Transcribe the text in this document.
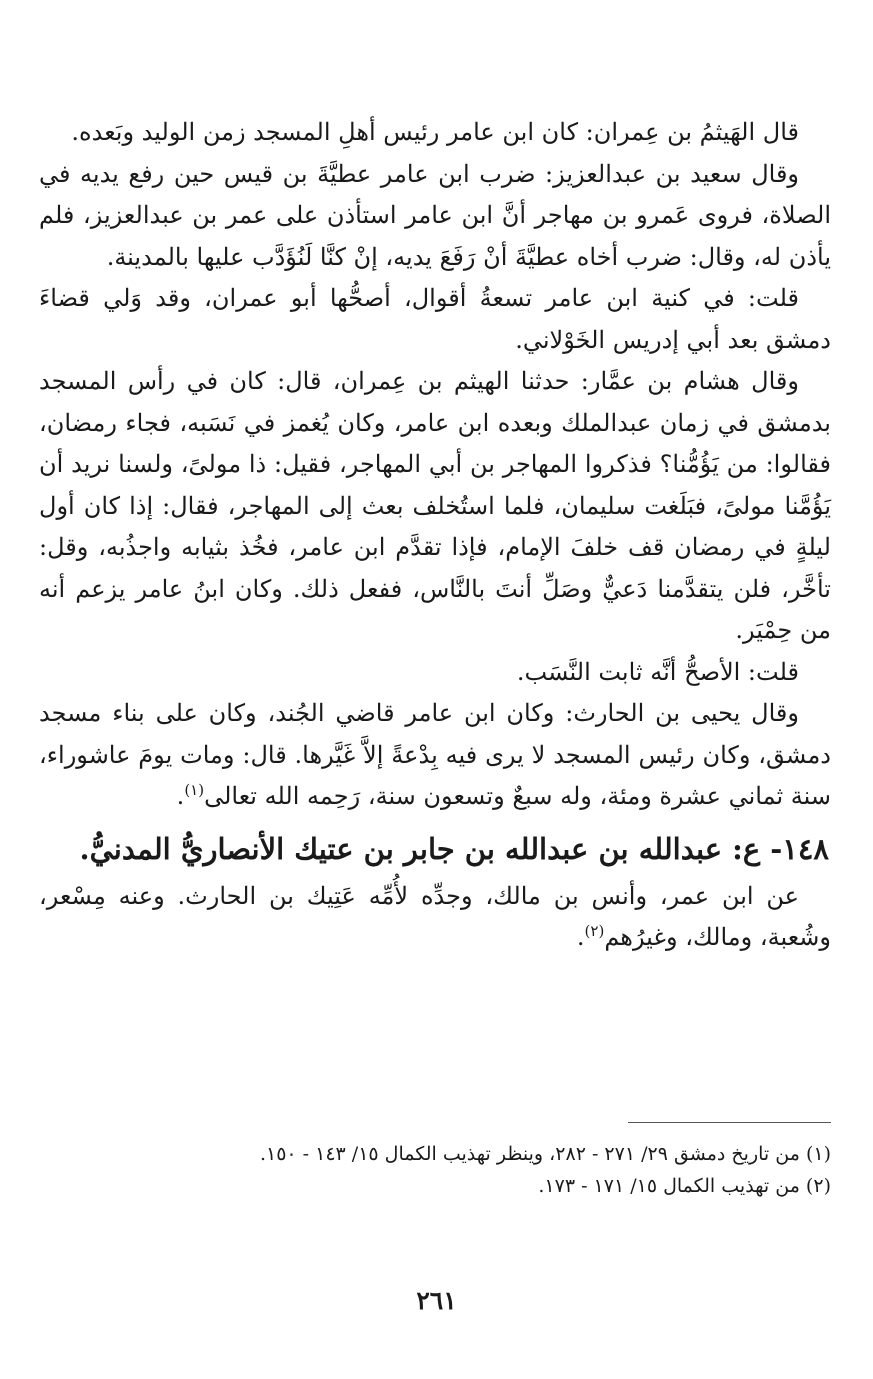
قال الهَيثمُ بن عِمران: كان ابن عامر رئيس أهلِ المسجد زمن الوليد وبَعده.

وقال سعيد بن عبدالعزيز: ضرب ابن عامر عطيَّةَ بن قيس حين رفع يديه في الصلاة، فروى عَمرو بن مهاجر أنَّ ابن عامر استأذن على عمر بن عبدالعزيز، فلم يأذن له، وقال: ضرب أخاه عطيَّةَ أنْ رَفَعَ يديه، إنْ كنَّا لَنُؤَدَّب عليها بالمدينة.

قلت: في كنية ابن عامر تسعةُ أقوال، أصحُّها أبو عمران، وقد وَلي قضاءَ دمشق بعد أبي إدريس الخَوْلاني.

وقال هشام بن عمَّار: حدثنا الهيثم بن عِمران، قال: كان في رأس المسجد بدمشق في زمان عبدالملك وبعده ابن عامر، وكان يُغمز في نَسَبه، فجاء رمضان، فقالوا: من يَؤُمُّنا؟ فذكروا المهاجر بن أبي المهاجر، فقيل: ذا مولىً، ولسنا نريد أن يَؤُمَّنا مولىً، فبَلَغت سليمان، فلما استُخلف بعث إلى المهاجر، فقال: إذا كان أول ليلةٍ في رمضان قف خلفَ الإمام، فإذا تقدَّم ابن عامر، فخُذ بثيابه واجذُبه، وقل: تأخَّر، فلن يتقدَّمنا دَعيٌّ وصَلِّ أنتَ بالنَّاس، ففعل ذلك. وكان ابنُ عامر يزعم أنه من حِمْيَر.

قلت: الأصحُّ أنَّه ثابت النَّسَب.

وقال يحيى بن الحارث: وكان ابن عامر قاضي الجُند، وكان على بناء مسجد دمشق، وكان رئيس المسجد لا يرى فيه بِدْعةً إلاَّ غَيَّرها. قال: ومات يومَ عاشوراء، سنة ثماني عشرة ومئة، وله سبعٌ وتسعون سنة، رَحِمه الله تعالى$^{(١)}$.

١٤٨- ع: عبدالله بن عبدالله بن جابر بن عتيك الأنصاريُّ المدنيُّ.

عن ابن عمر، وأنس بن مالك، وجدِّه لأُمِّه عَتِيك بن الحارث. وعنه مِسْعر، وشُعبة، ومالك، وغيرُهم$^{(٢)}$.

(١) من تاريخ دمشق ٢٩/ ٢٧١ - ٢٨٢، وينظر تهذيب الكمال ١٥/ ١٤٣ - ١٥٠.

(٢) من تهذيب الكمال ١٥/ ١٧١ - ١٧٣.

٢٦١
